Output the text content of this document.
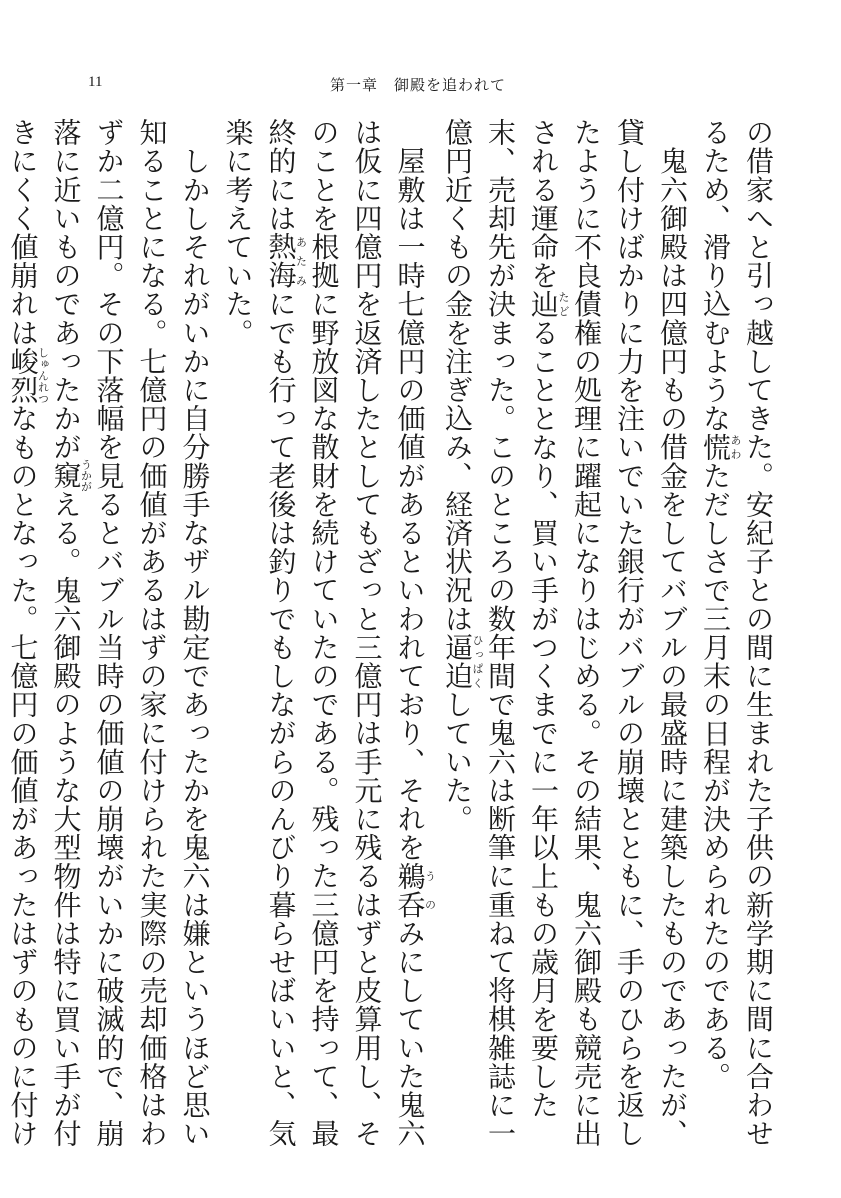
11	第一章　御殿を追われて

の借家へと引っ越してきた。安紀子との間に生まれた子供の新学期に間に合わせるため、滑り込むような慌あわただしさで三月末の日程が決められたのである。

　鬼六御殿は四億円もの借金をしてバブルの最盛時に建築したものであったが、貸し付けばかりに力を注いでいた銀行がバブルの崩壊とともに、手のひらを返したように不良債権の処理に躍起になりはじめる。その結果、鬼六御殿も競売に出される運命を辿たどることとなり、買い手がつくまでに一年以上もの歳月を要した末、売却先が決まった。このところの数年間で鬼六は断筆に重ねて将棋雑誌に一億円近くもの金を注ぎ込み、経済状況は逼迫ひっぱくしていた。

　屋敷は一時七億円の価値があるといわれており、それを鵜呑うのみにしていた鬼六は仮に四億円を返済したとしてもざっと三億円は手元に残るはずと皮算用し、そのことを根拠に野放図な散財を続けていたのである。残った三億円を持って、最終的には熱海あたみにでも行って老後は釣りでもしながらのんびり暮らせばいいと、気楽に考えていた。

　しかしそれがいかに自分勝手なザル勘定であったかを鬼六は嫌というほど思い知ることになる。七億円の価値があるはずの家に付けられた実際の売却価格はわずか二億円。その下落幅を見るとバブル当時の価値の崩壊がいかに破滅的で、崩落に近いものであったかが窺うかがえる。鬼六御殿のような大型物件は特に買い手が付きにくく値崩れは峻烈しゅんれつなものとなった。七億円の価値があったはずのものに付け
